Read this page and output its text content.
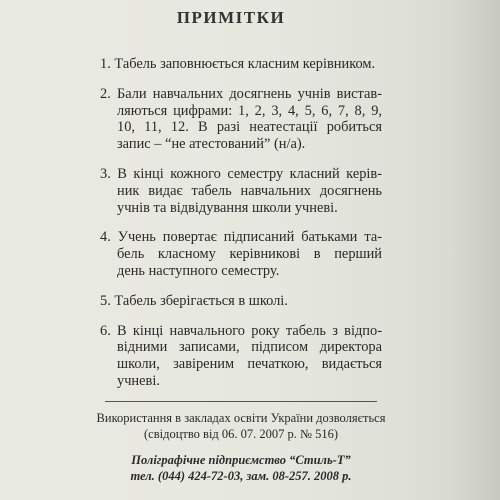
ПРИМІТКИ
1. Табель заповнюється класним керівником.
2. Бали навчальних досягнень учнів вистав-
ляються цифрами: 1, 2, 3, 4, 5, 6, 7, 8, 9,
10, 11, 12. В разі неатестації робиться
запис – “не атестований” (н/а).
3. В кінці кожного семестру класний керів-
ник видає табель навчальних досягнень
учнів та відвідування школи учневі.
4. Учень повертає підписаний батьками та-
бель класному керівникові в перший
день наступного семестру.
5. Табель зберігається в школі.
6. В кінці навчального року табель з відпо-
відними записами, підписом директора
школи, завіреним печаткою, видається
учневі.
Використання в закладах освіти України дозволяється
(свідоцтво від 06. 07. 2007 р. № 516)
Поліграфічне підприємство “Стиль-Т”
тел. (044) 424-72-03, зам. 08-257. 2008 р.
